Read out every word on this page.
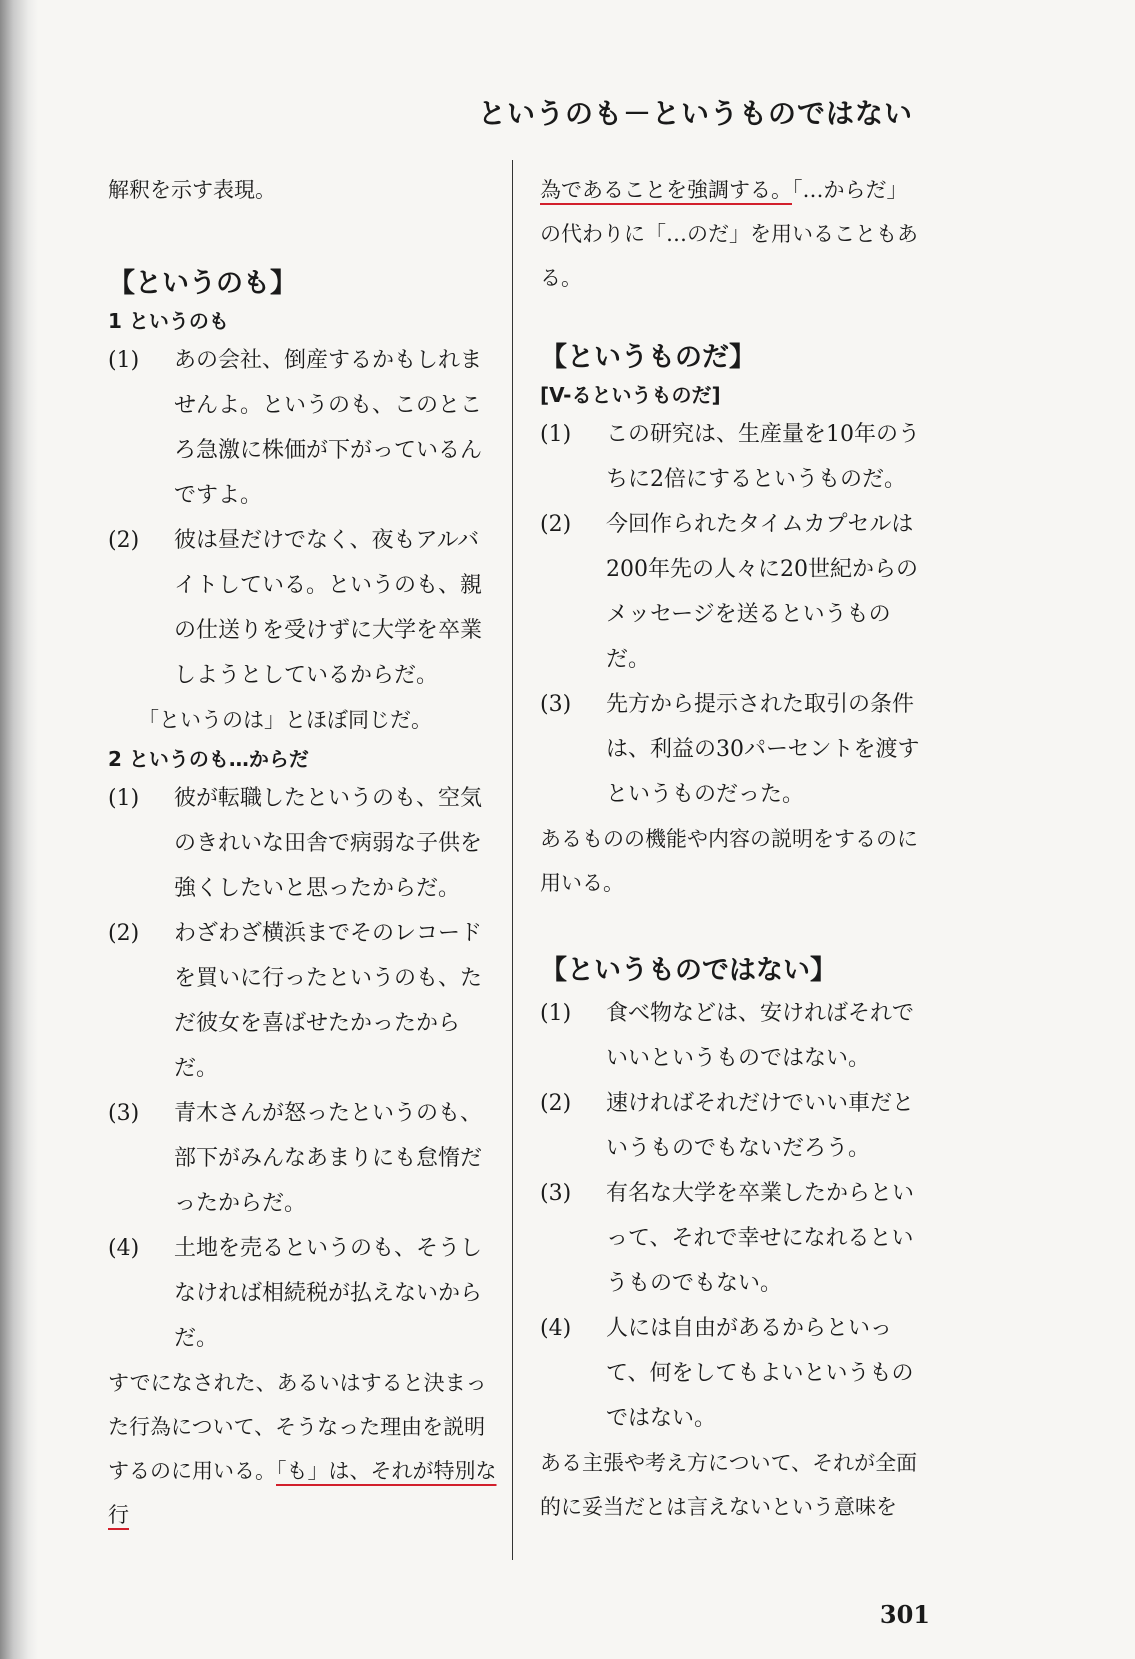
というのも－というものではない

解釈を示す表現。

【というのも】
1 というのも
(1)	あの会社、倒産するかもしれませんよ。というのも、このところ急激に株価が下がっているんですよ。
(2)	彼は昼だけでなく、夜もアルバイトしている。というのも、親の仕送りを受けずに大学を卒業しようとしているからだ。

「というのは」とほぼ同じだ。

2 というのも…からだ
(1)	彼が転職したというのも、空気のきれいな田舎で病弱な子供を強くしたいと思ったからだ。
(2)	わざわざ横浜までそのレコードを買いに行ったというのも、ただ彼女を喜ばせたかったからだ。
(3)	青木さんが怒ったというのも、部下がみんなあまりにも怠惰だったからだ。
(4)	土地を売るというのも、そうしなければ相続税が払えないからだ。

すでになされた、あるいはすると決まった行為について、そうなった理由を説明するのに用いる。「も」は、それが特別な行

為であることを強調する。「…からだ」の代わりに「…のだ」を用いることもある。

【というものだ】
[V-るというものだ]
(1)	この研究は、生産量を10年のうちに2倍にするというものだ。
(2)	今回作られたタイムカプセルは200年先の人々に20世紀からのメッセージを送るというものだ。
(3)	先方から提示された取引の条件は、利益の30パーセントを渡すというものだった。

あるものの機能や内容の説明をするのに用いる。

【というものではない】
(1)	食べ物などは、安ければそれでいいというものではない。
(2)	速ければそれだけでいい車だというものでもないだろう。
(3)	有名な大学を卒業したからといって、それで幸せになれるというものでもない。
(4)	人には自由があるからといって、何をしてもよいというものではない。

ある主張や考え方について、それが全面的に妥当だとは言えないという意味を

301
